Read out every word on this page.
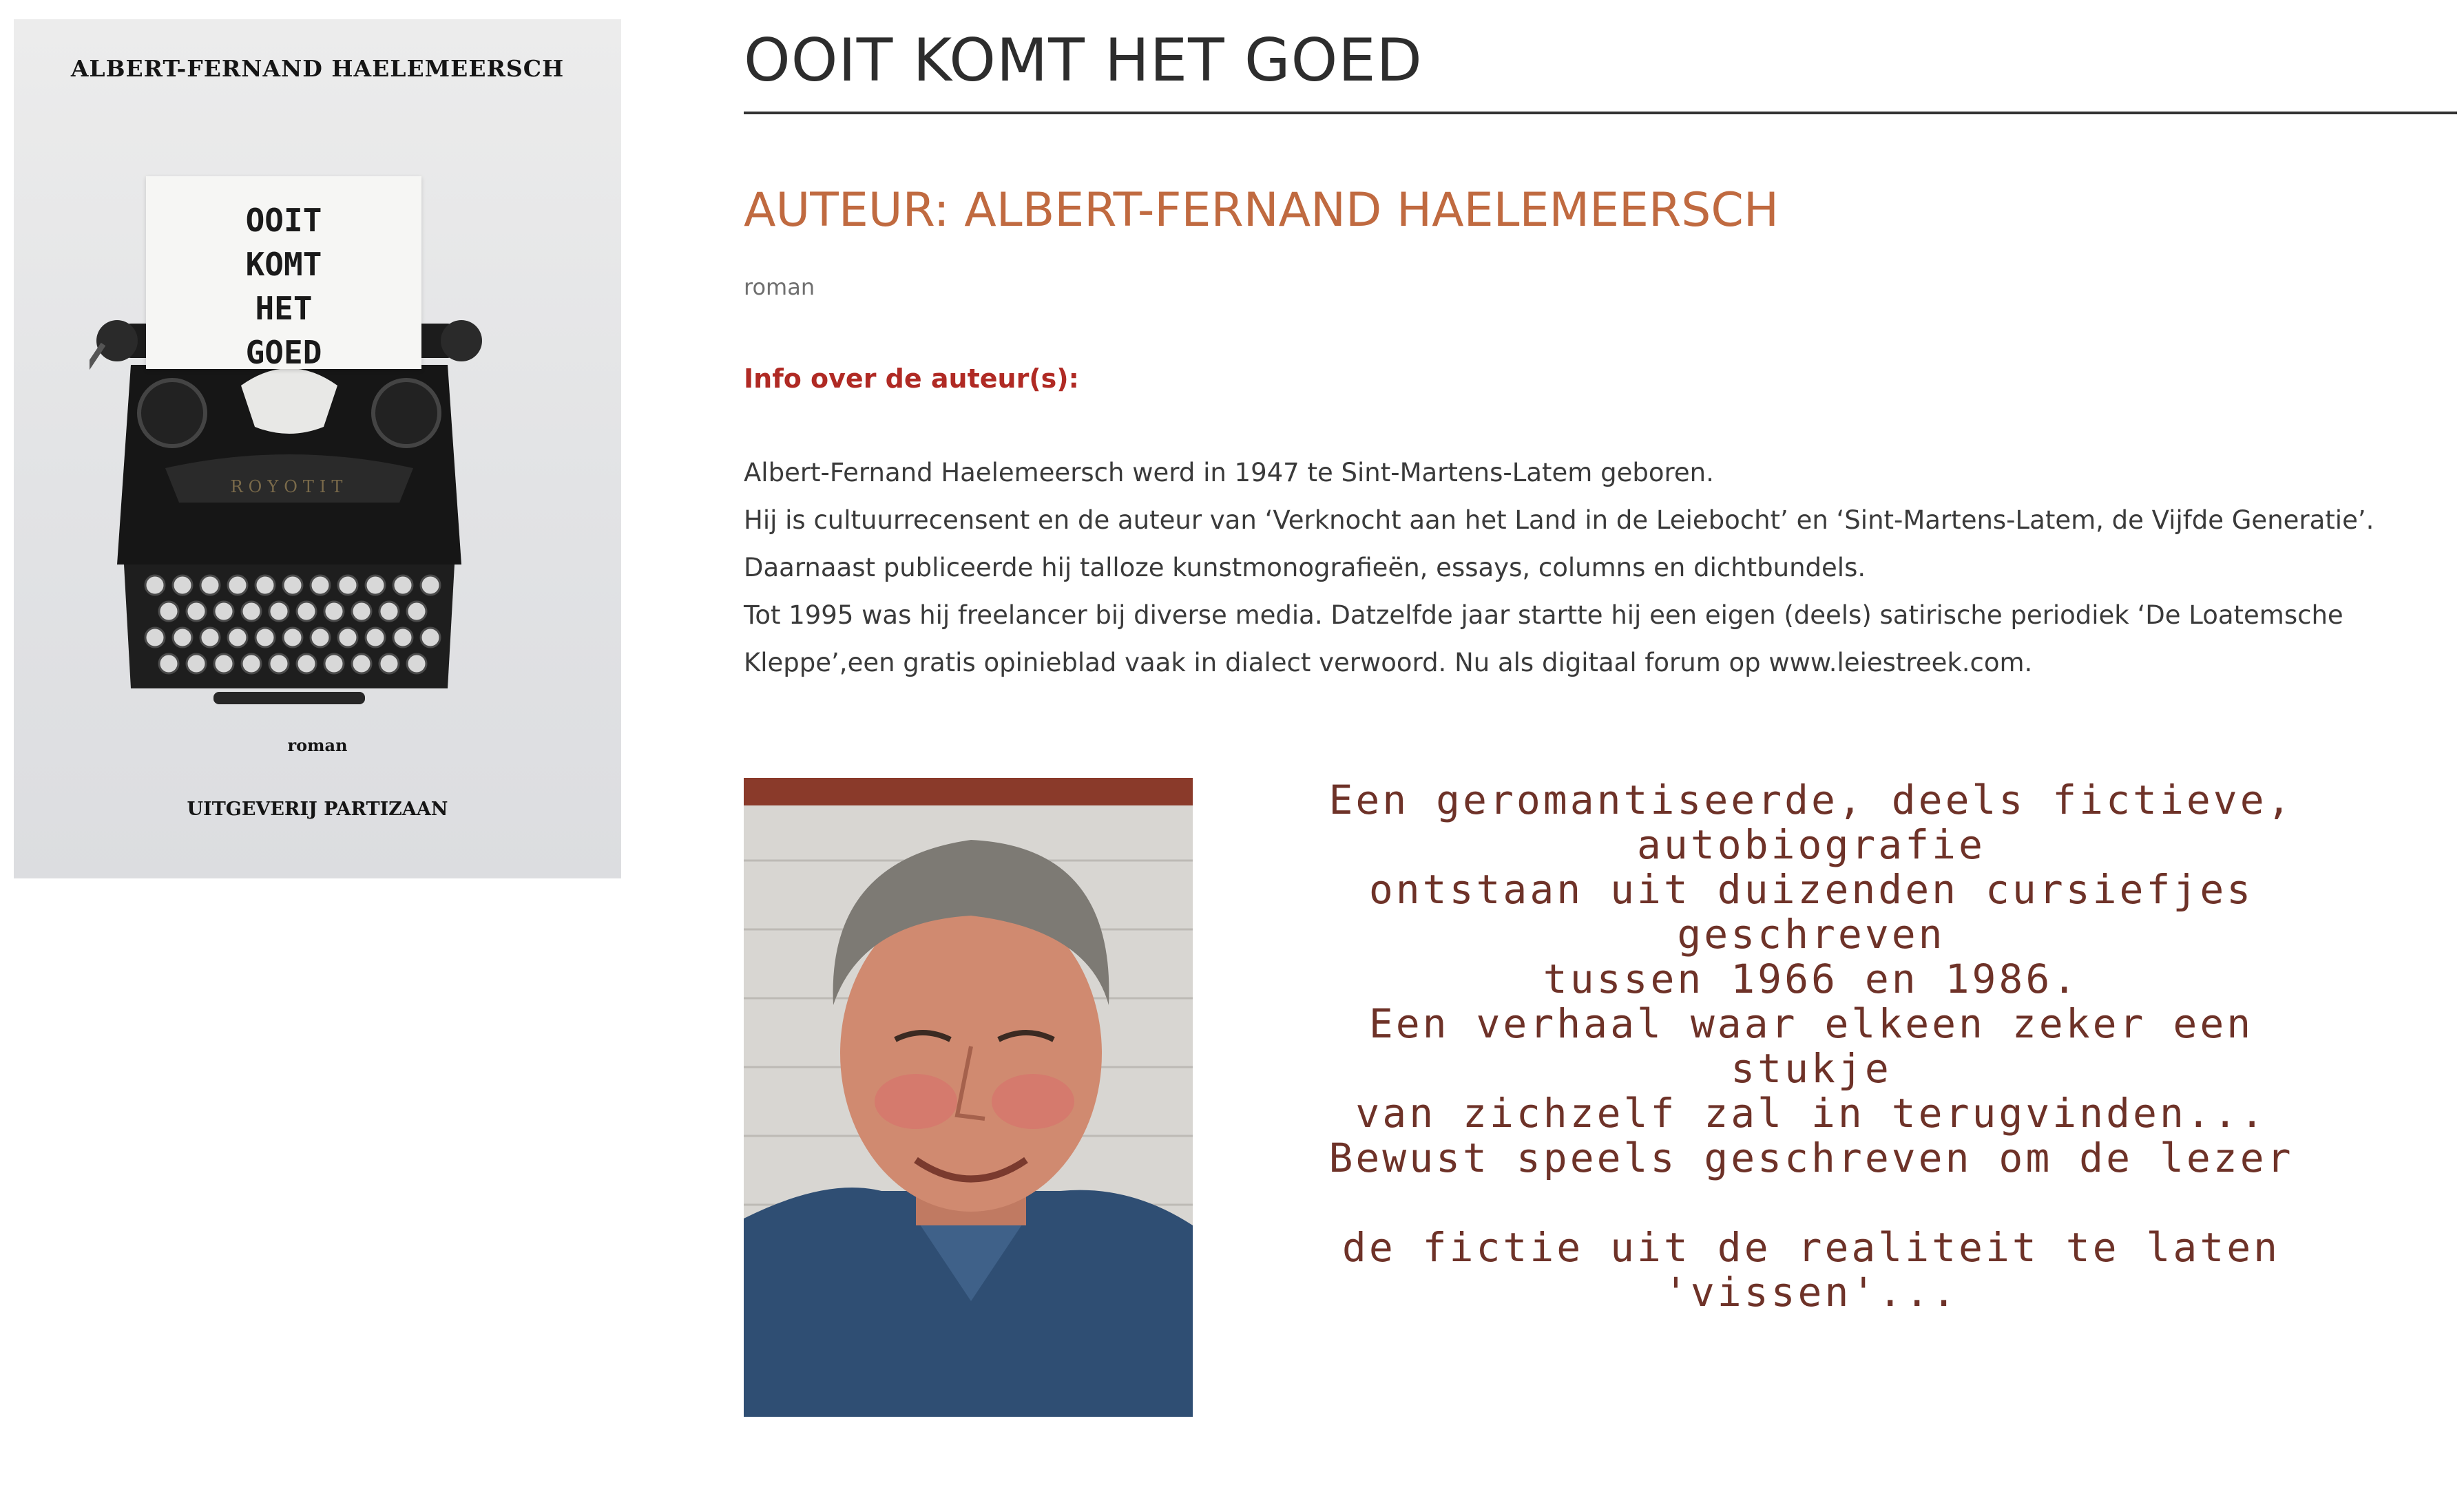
ALBERT-FERNAND HAELEMEERSCH
ROYOTIT
OOIT
KOMT
HET
GOED
roman
UITGEVERIJ PARTIZAAN
OOIT KOMT HET GOED
AUTEUR: ALBERT-FERNAND HAELEMEERSCH
roman
Info over de auteur(s):

Albert-Fernand Haelemeersch werd in 1947 te Sint-Martens-Latem geboren.

Hij is cultuurrecensent en de auteur van ‘Verknocht aan het Land in de Leiebocht’ en ‘Sint-Martens-Latem, de Vijfde Generatie’.

Daarnaast publiceerde hij talloze kunstmonografieën, essays, columns en dichtbundels.

Tot 1995 was hij freelancer bij diverse media. Datzelfde jaar startte hij een eigen (deels) satirische periodiek ‘De Loatemsche

Kleppe’,een gratis opinieblad vaak in dialect verwoord. Nu als digitaal forum op www.leiestreek.com.

Een geromantiseerde, deels fictieve,
autobiografie
ontstaan uit duizenden cursiefjes
geschreven
tussen 1966 en 1986.
Een verhaal waar elkeen zeker een
stukje
van zichzelf zal in terugvinden...
Bewust speels geschreven om de lezer
de fictie uit de realiteit te laten
'vissen'...
